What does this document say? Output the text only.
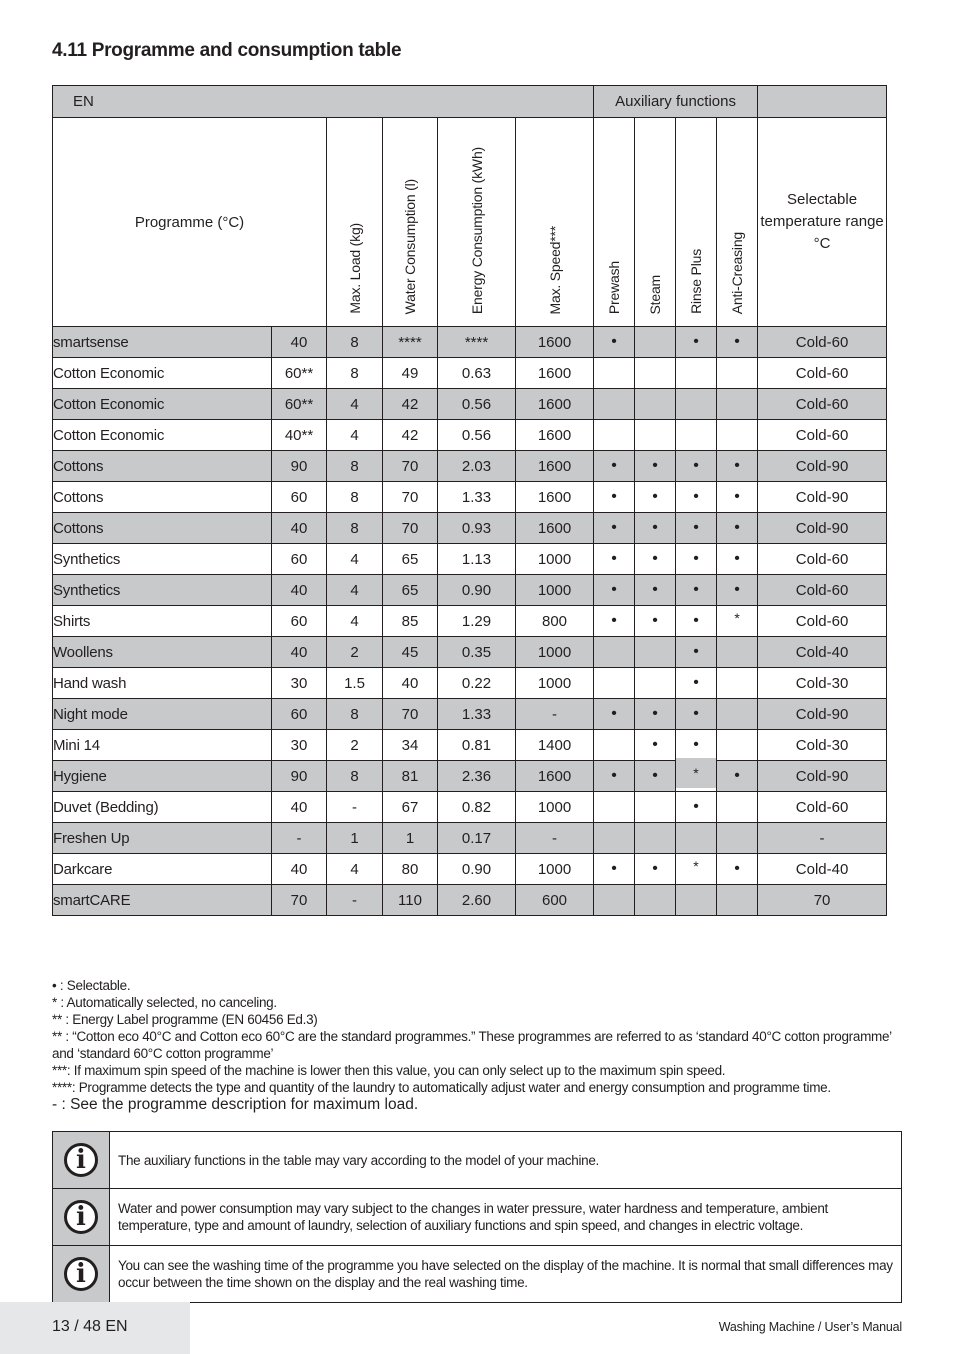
4.11 Programme and consumption table
EN						Auxiliary functions				
Programme (°C)		Max. Load (kg)	Water Consumption (l)	Energy Consumption (kWh)	Max. Speed***	Prewash	Steam	Rinse Plus	Anti-Creasing	Selectable temperature range °C
smartsense	40	8	****	****	1600	•		•	•	Cold-60
Cotton Economic	60**	8	49	0.63	1600					Cold-60
Cotton Economic	60**	4	42	0.56	1600					Cold-60
Cotton Economic	40**	4	42	0.56	1600					Cold-60
Cottons	90	8	70	2.03	1600	•	•	•	•	Cold-90
Cottons	60	8	70	1.33	1600	•	•	•	•	Cold-90
Cottons	40	8	70	0.93	1600	•	•	•	•	Cold-90
Synthetics	60	4	65	1.13	1000	•	•	•	•	Cold-60
Synthetics	40	4	65	0.90	1000	•	•	•	•	Cold-60
Shirts	60	4	85	1.29	800	•	•	•	*	Cold-60
Woollens	40	2	45	0.35	1000			•		Cold-40
Hand wash	30	1.5	40	0.22	1000			•		Cold-30
Night mode	60	8	70	1.33	-	•	•	•		Cold-90
Mini 14	30	2	34	0.81	1400		•	•		Cold-30
Hygiene	90	8	81	2.36	1600	•	•	*	•	Cold-90
Duvet (Bedding)	40	-	67	0.82	1000			•		Cold-60
Freshen Up	-	1	1	0.17	-					-
Darkcare	40	4	80	0.90	1000	•	•	*	•	Cold-40
smartCARE	70	-	110	2.60	600					70
• : Selectable.
* : Automatically selected, no canceling.
** : Energy Label programme (EN 60456 Ed.3)
** : “Cotton eco 40°C and Cotton eco 60°C are the standard programmes.” These programmes are referred to as ‘standard 40°C cotton programme’ and ‘standard 60°C cotton programme’
***: If maximum spin speed of the machine is lower then this value, you can only select up to the maximum spin speed.
****: Programme detects the type and quantity of the laundry to automatically adjust water and energy consumption and programme time.
- : See the programme description for maximum load.
i	The auxiliary functions in the table may vary according to the model of your machine.
i	Water and power consumption may vary subject to the changes in water pressure, water hardness and temperature, ambient temperature, type and amount of laundry, selection of auxiliary functions and spin speed, and changes in electric voltage.
i	You can see the washing time of the programme you have selected on the display of the machine. It is normal that small differences may occur between the time shown on the display and the real washing time.
13 / 48 EN	Washing Machine / User’s Manual
